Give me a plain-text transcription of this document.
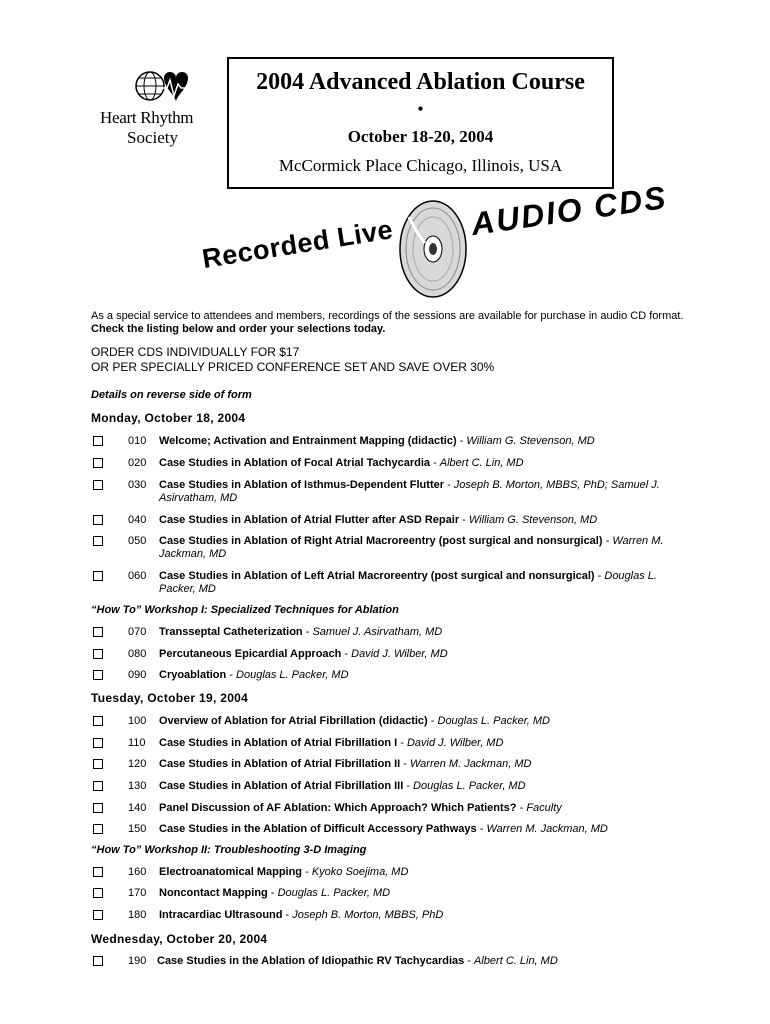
Heart Rhythm
Society
2004 Advanced Ablation Course
•
October 18-20, 2004
McCormick Place Chicago, Illinois, USA
Recorded Live
AUDIO CDS
As a special service to attendees and members, recordings of the sessions are available for purchase in audio CD format. Check the listing below and order your selections today.
ORDER CDS INDIVIDUALLY FOR $17
OR PER SPECIALLY PRICED CONFERENCE SET AND SAVE OVER 30%
Details on reverse side of form
Monday, October 18, 2004
010 Welcome; Activation and Entrainment Mapping (didactic) - William G. Stevenson, MD
020 Case Studies in Ablation of Focal Atrial Tachycardia - Albert C. Lin, MD
030 Case Studies in Ablation of Isthmus-Dependent Flutter - Joseph B. Morton, MBBS, PhD; Samuel J. Asirvatham, MD
040 Case Studies in Ablation of Atrial Flutter after ASD Repair - William G. Stevenson, MD
050 Case Studies in Ablation of Right Atrial Macroreentry (post surgical and nonsurgical) - Warren M. Jackman, MD
060 Case Studies in Ablation of Left Atrial Macroreentry (post surgical and nonsurgical) - Douglas L. Packer, MD
“How To” Workshop I: Specialized Techniques for Ablation
070 Transseptal Catheterization - Samuel J. Asirvatham, MD
080 Percutaneous Epicardial Approach - David J. Wilber, MD
090 Cryoablation - Douglas L. Packer, MD
Tuesday, October 19, 2004
100 Overview of Ablation for Atrial Fibrillation (didactic) - Douglas L. Packer, MD
110 Case Studies in Ablation of Atrial Fibrillation I - David J. Wilber, MD
120 Case Studies in Ablation of Atrial Fibrillation II - Warren M. Jackman, MD
130 Case Studies in Ablation of Atrial Fibrillation III - Douglas L. Packer, MD
140 Panel Discussion of AF Ablation: Which Approach? Which Patients? - Faculty
150 Case Studies in the Ablation of Difficult Accessory Pathways - Warren M. Jackman, MD
“How To” Workshop II: Troubleshooting 3-D Imaging
160 Electroanatomical Mapping - Kyoko Soejima, MD
170 Noncontact Mapping - Douglas L. Packer, MD
180 Intracardiac Ultrasound - Joseph B. Morton, MBBS, PhD
Wednesday, October 20, 2004
190 Case Studies in the Ablation of Idiopathic RV Tachycardias - Albert C. Lin, MD
